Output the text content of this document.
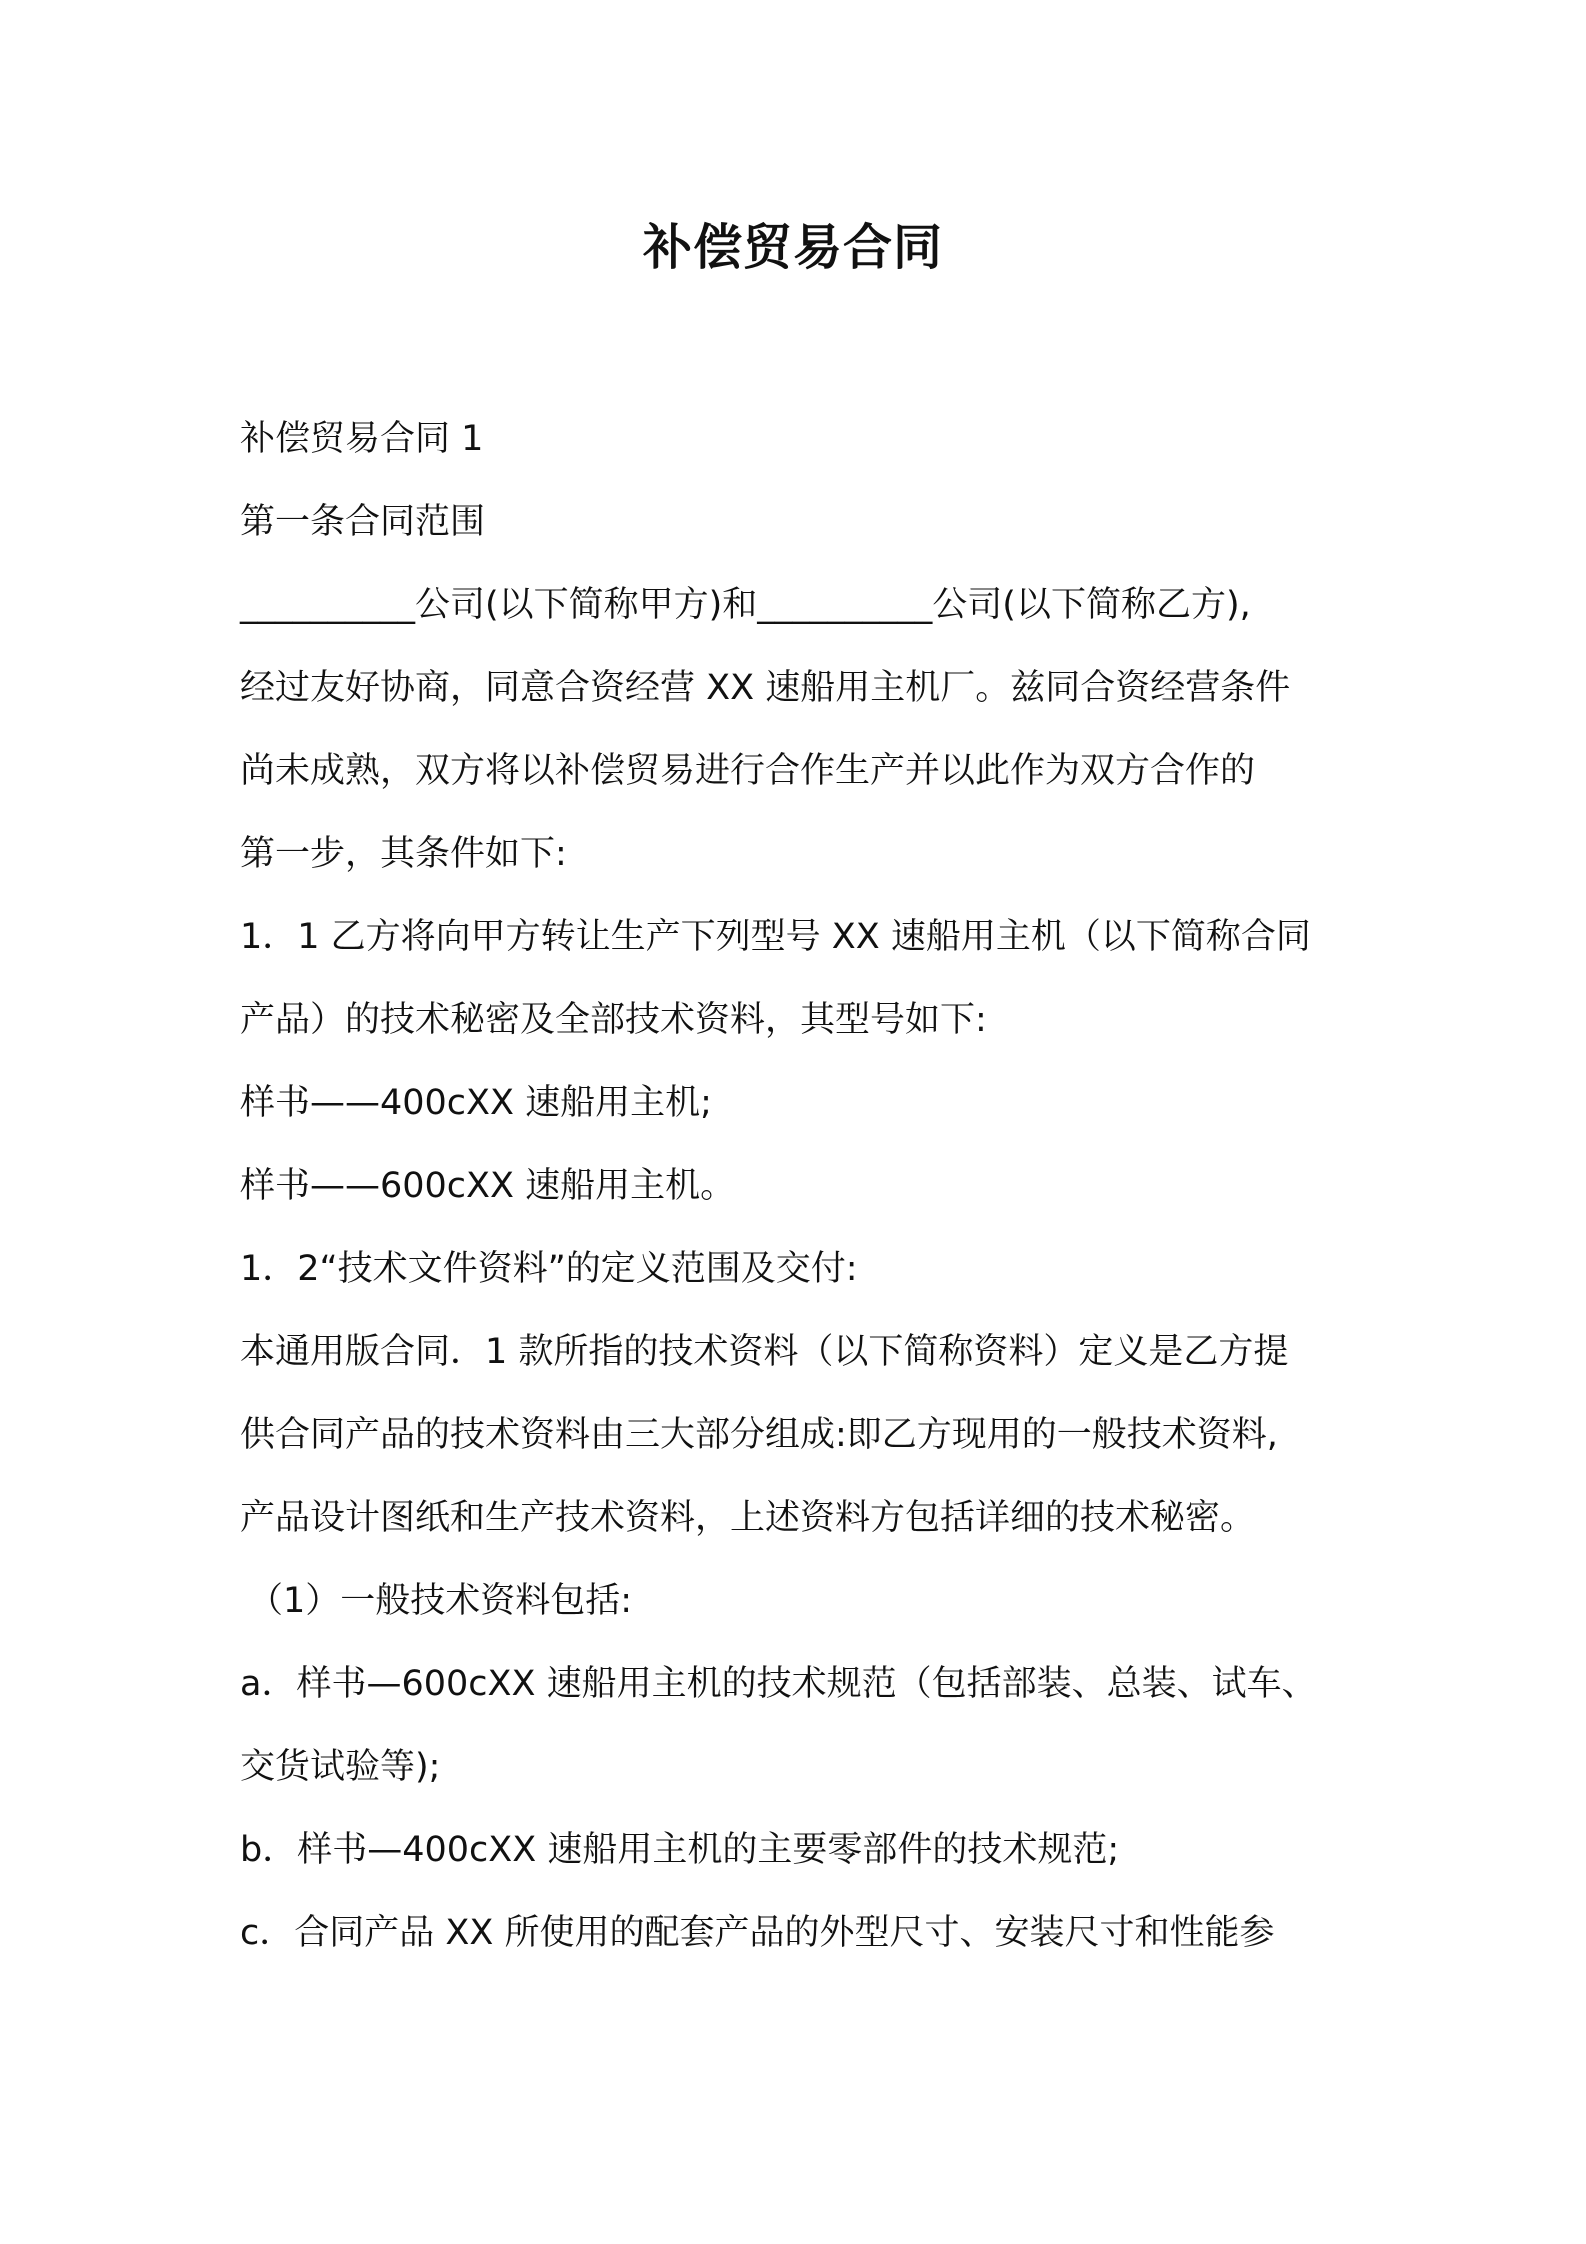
补偿贸易合同

补偿贸易合同 1

第一条合同范围

__________公司(以下简称甲方)和__________公司(以下简称乙方),

经过友好协商，同意合资经营 XX 速船用主机厂。兹同合资经营条件

尚未成熟，双方将以补偿贸易进行合作生产并以此作为双方合作的

第一步，其条件如下:

1．1 乙方将向甲方转让生产下列型号 XX 速船用主机（以下简称合同

产品）的技术秘密及全部技术资料，其型号如下:

样书——400cXX 速船用主机;

样书——600cXX 速船用主机。

1．2“技术文件资料”的定义范围及交付:

本通用版合同．1 款所指的技术资料（以下简称资料）定义是乙方提

供合同产品的技术资料由三大部分组成:即乙方现用的一般技术资料,

产品设计图纸和生产技术资料，上述资料方包括详细的技术秘密。

（1）一般技术资料包括:

a．样书—600cXX 速船用主机的技术规范（包括部装、总装、试车、

交货试验等);

b．样书—400cXX 速船用主机的主要零部件的技术规范;

c．合同产品 XX 所使用的配套产品的外型尺寸、安装尺寸和性能参
